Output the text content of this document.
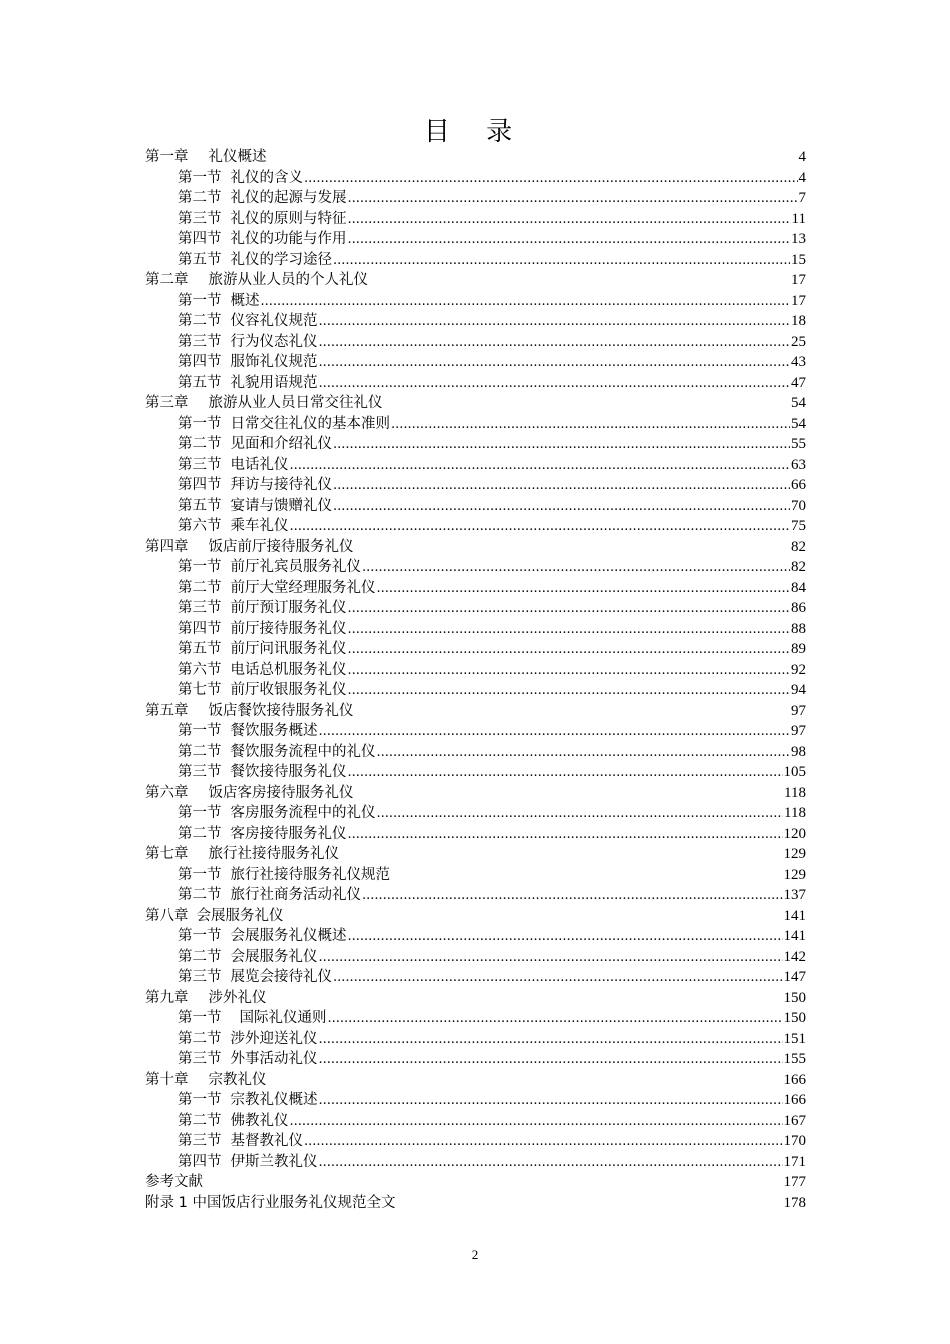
目 录
第一章 礼仪概述	4
第一节 礼仪的含义 .....	4
第二节 礼仪的起源与发展 .....	7
第三节 礼仪的原则与特征 .....	11
第四节 礼仪的功能与作用 .....	13
第五节 礼仪的学习途径 .....	15
第二章 旅游从业人员的个人礼仪	17
第一节 概述 .....	17
第二节 仪容礼仪规范 .....	18
第三节 行为仪态礼仪 .....	25
第四节 服饰礼仪规范 .....	43
第五节 礼貌用语规范 .....	47
第三章 旅游从业人员日常交往礼仪	54
第一节 日常交往礼仪的基本准则 .....	54
第二节 见面和介绍礼仪 .....	55
第三节 电话礼仪 .....	63
第四节 拜访与接待礼仪 .....	66
第五节 宴请与馈赠礼仪 .....	70
第六节 乘车礼仪 .....	75
第四章 饭店前厅接待服务礼仪	82
第一节 前厅礼宾员服务礼仪 .....	82
第二节 前厅大堂经理服务礼仪 .....	84
第三节 前厅预订服务礼仪 .....	86
第四节 前厅接待服务礼仪 .....	88
第五节 前厅问讯服务礼仪 .....	89
第六节 电话总机服务礼仪 .....	92
第七节 前厅收银服务礼仪 .....	94
第五章 饭店餐饮接待服务礼仪	97
第一节 餐饮服务概述 .....	97
第二节 餐饮服务流程中的礼仪 .....	98
第三节 餐饮接待服务礼仪 .....	105
第六章 饭店客房接待服务礼仪	118
第一节 客房服务流程中的礼仪 .....	118
第二节 客房接待服务礼仪 .....	120
第七章 旅行社接待服务礼仪	129
第一节 旅行社接待服务礼仪规范	129
第二节 旅行社商务活动礼仪 .....	137
第八章 会展服务礼仪	141
第一节 会展服务礼仪概述 .....	141
第二节 会展服务礼仪 .....	142
第三节 展览会接待礼仪 .....	147
第九章 涉外礼仪	150
第一节 国际礼仪通则 .....	150
第二节 涉外迎送礼仪 .....	151
第三节 外事活动礼仪 .....	155
第十章 宗教礼仪	166
第一节 宗教礼仪概述 .....	166
第二节 佛教礼仪 .....	167
第三节 基督教礼仪 .....	170
第四节 伊斯兰教礼仪 .....	171
参考文献	177
附录 1 中国饭店行业服务礼仪规范全文	178
2
